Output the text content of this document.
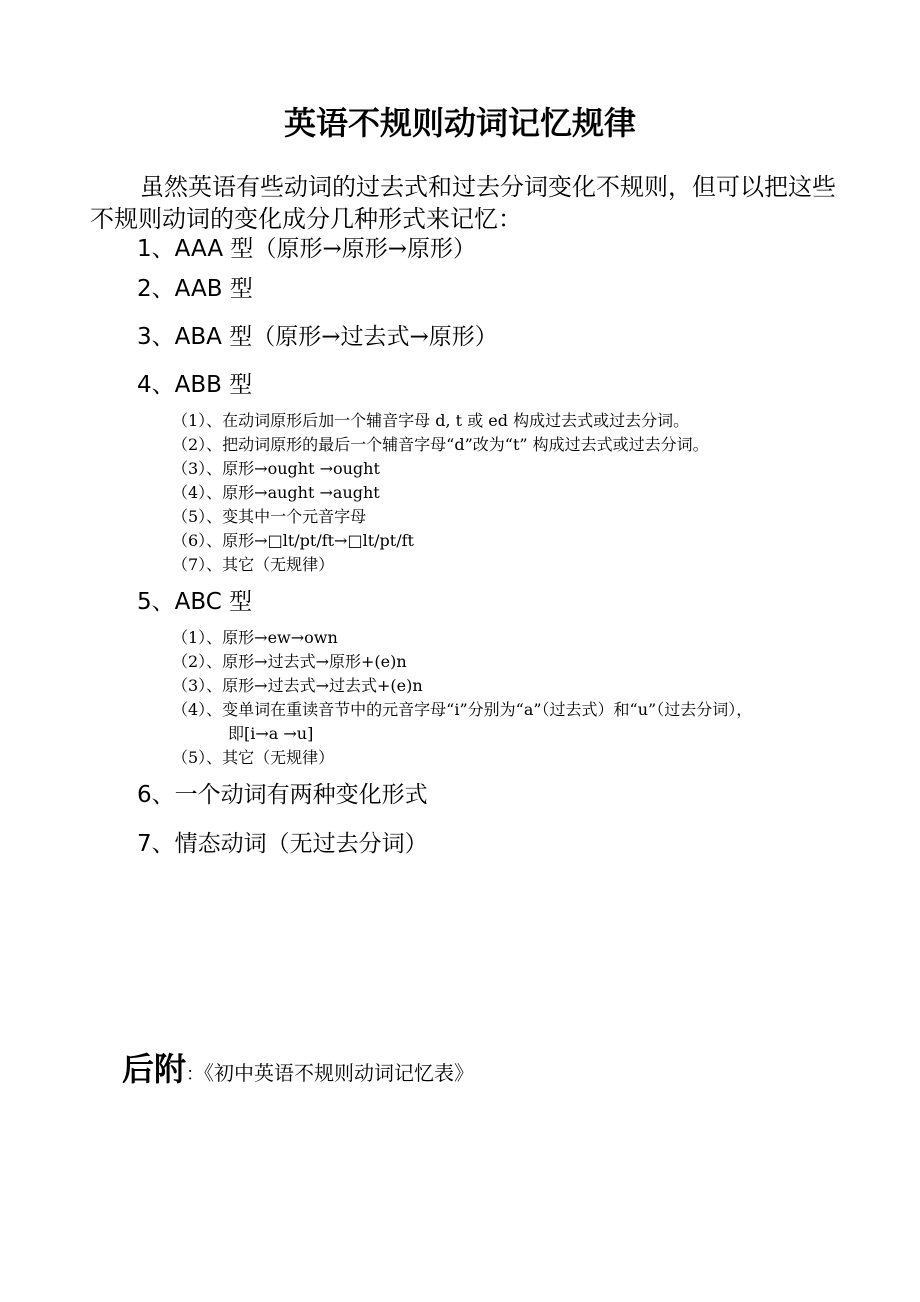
英语不规则动词记忆规律
虽然英语有些动词的过去式和过去分词变化不规则，但可以把这些不规则动词的变化成分几种形式来记忆：
1、AAA 型（原形→原形→原形）
2、AAB 型
3、ABA 型（原形→过去式→原形）
4、ABB 型
（1）、在动词原形后加一个辅音字母 d, t 或 ed 构成过去式或过去分词。
（2）、把动词原形的最后一个辅音字母“d”改为“t” 构成过去式或过去分词。
（3）、原形→ought →ought
（4）、原形→aught →aught
（5）、变其中一个元音字母
（6）、原形→□lt/pt/ft→□lt/pt/ft
（7）、其它（无规律）
5、ABC 型
（1）、原形→ew→own
（2）、原形→过去式→原形+(e)n
（3）、原形→过去式→过去式+(e)n
（4）、变单词在重读音节中的元音字母“i”分别为“a”（过去式）和“u”（过去分词），
即[i→a →u]
（5）、其它（无规律）
6、一个动词有两种变化形式
7、情态动词（无过去分词）
后附：《初中英语不规则动词记忆表》
